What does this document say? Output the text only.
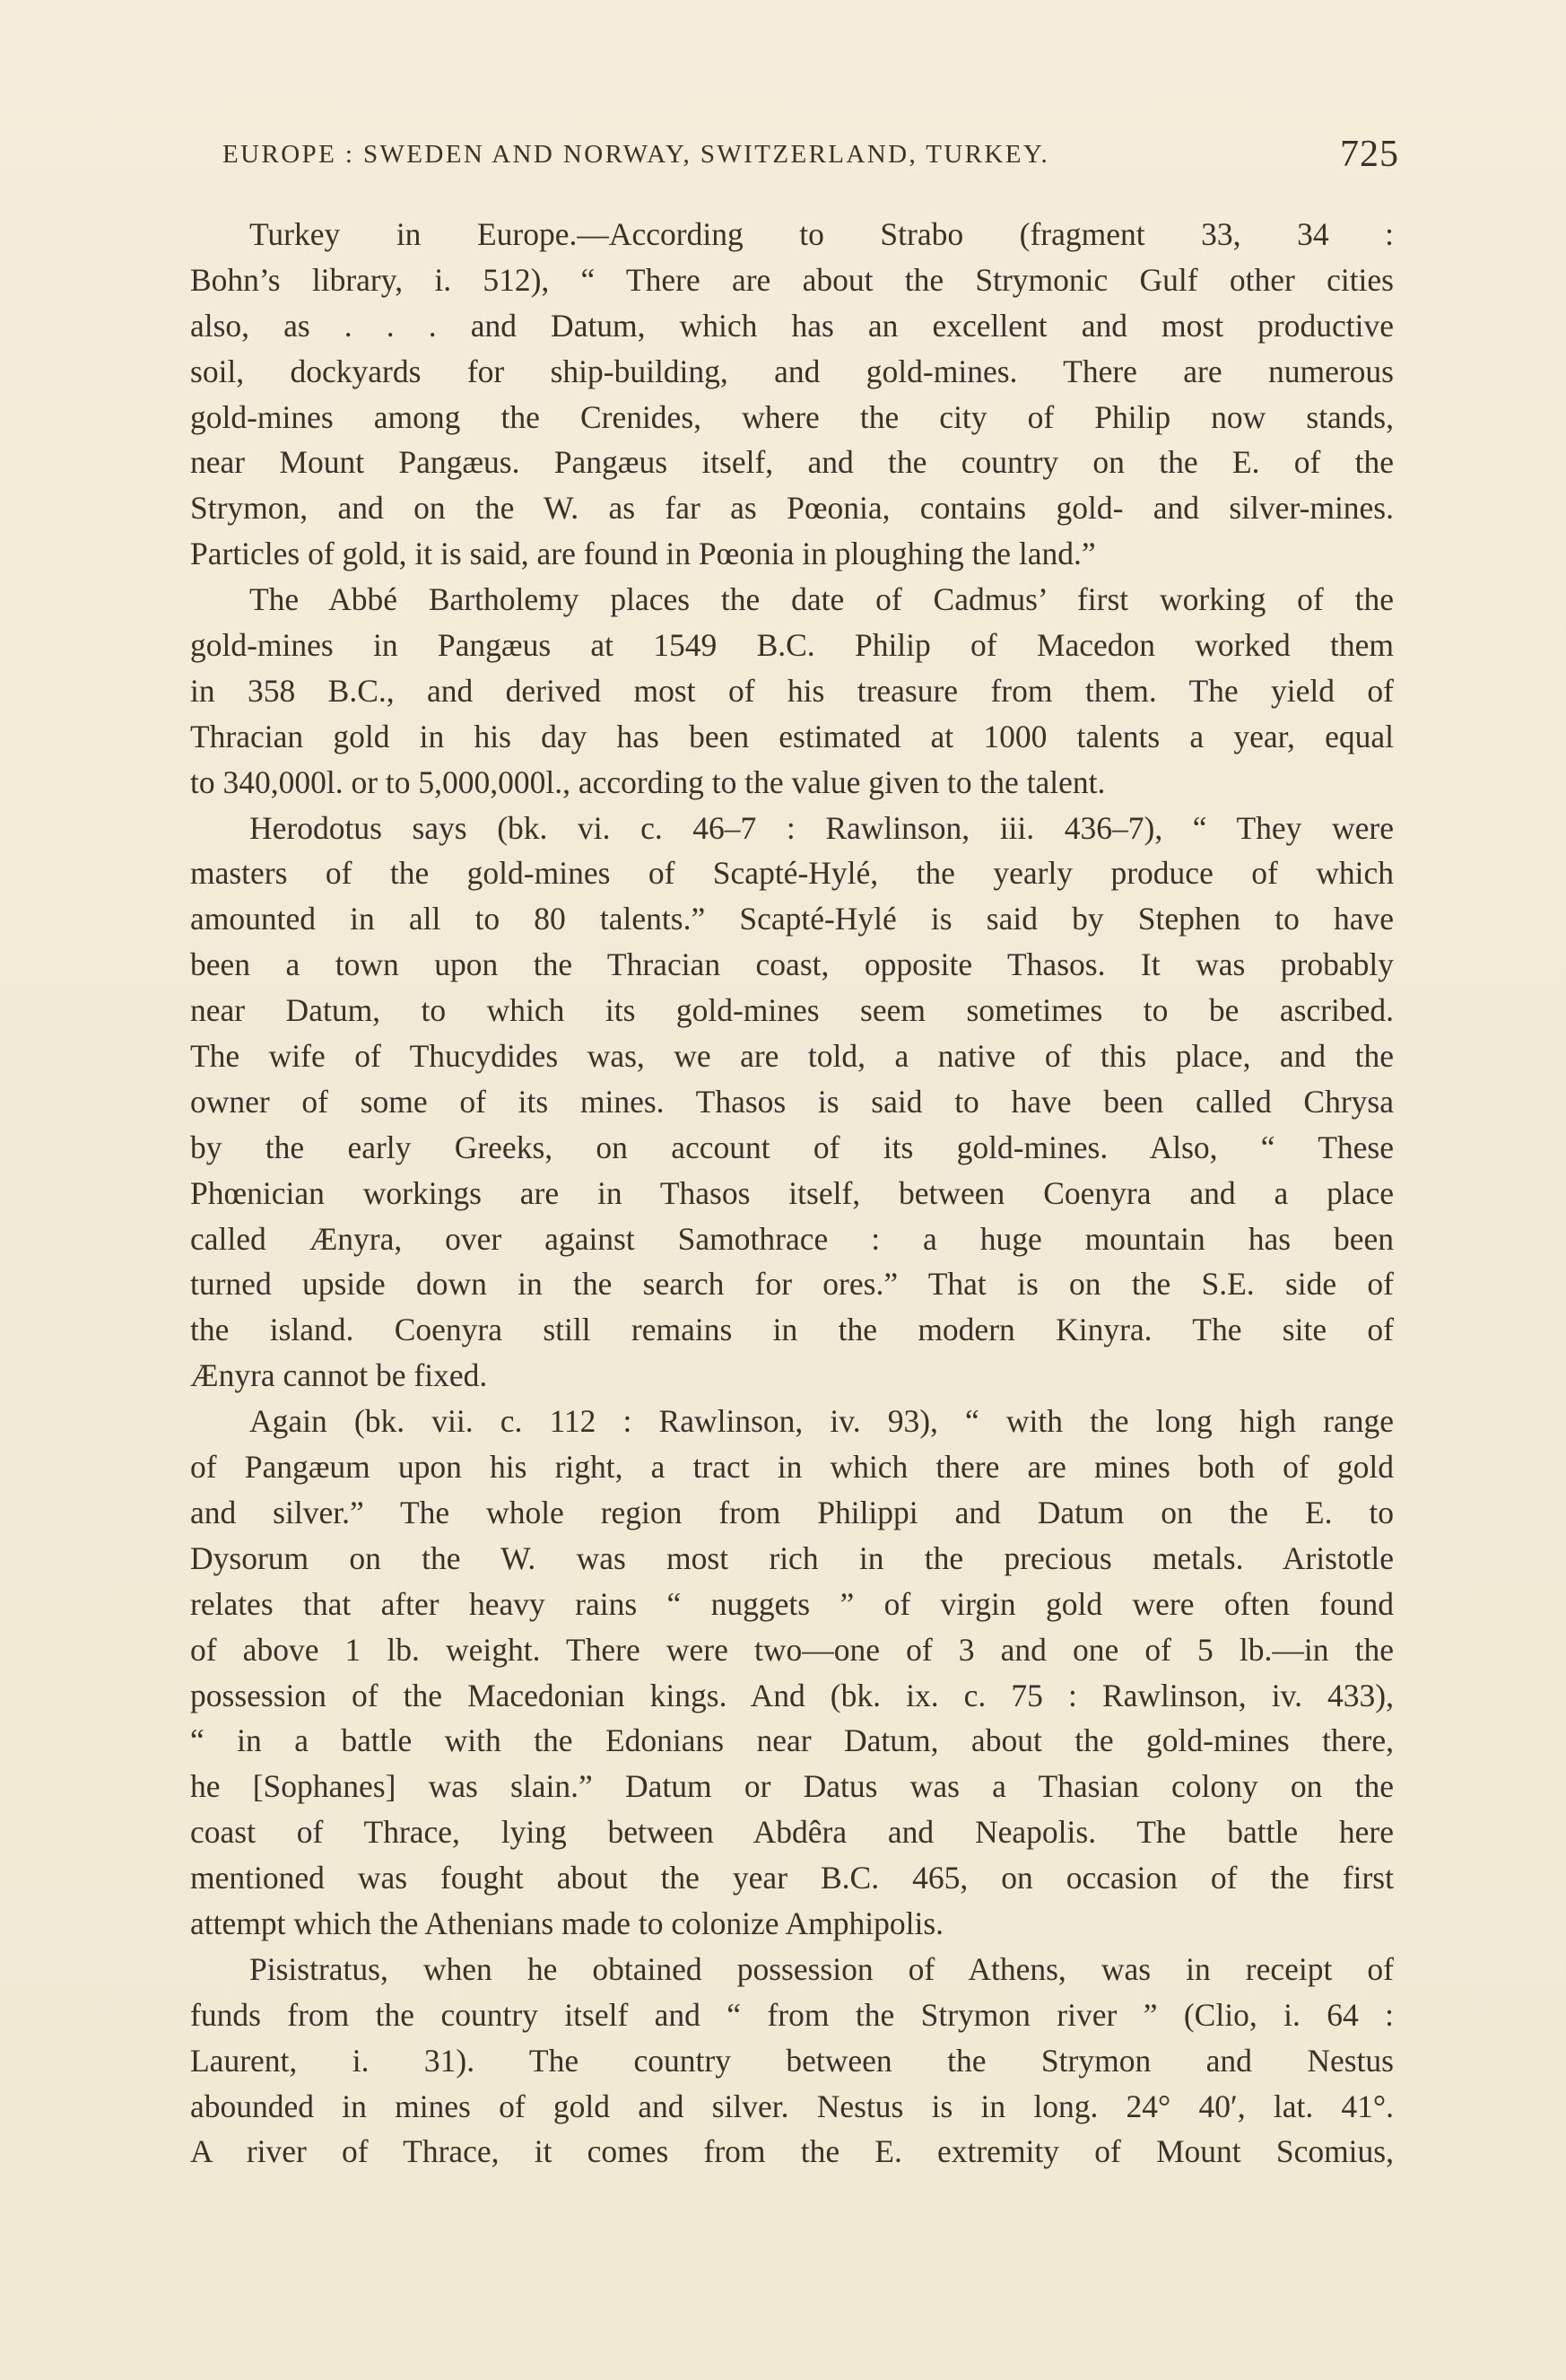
EUROPE : SWEDEN AND NORWAY, SWITZERLAND, TURKEY.	725
Turkey in Europe.—According to Strabo (fragment 33, 34 :
Bohn’s library, i. 512), “ There are about the Strymonic Gulf other cities
also, as . . . and Datum, which has an excellent and most productive
soil, dockyards for ship-building, and gold-mines. There are numerous
gold-mines among the Crenides, where the city of Philip now stands,
near Mount Pangæus. Pangæus itself, and the country on the E. of the
Strymon, and on the W. as far as Pœonia, contains gold- and silver-mines.
Particles of gold, it is said, are found in Pœonia in ploughing the land.”
The Abbé Bartholemy places the date of Cadmus’ first working of the
gold-mines in Pangæus at 1549 B.C. Philip of Macedon worked them
in 358 B.C., and derived most of his treasure from them. The yield of
Thracian gold in his day has been estimated at 1000 talents a year, equal
to 340,000l. or to 5,000,000l., according to the value given to the talent.
Herodotus says (bk. vi. c. 46–7 : Rawlinson, iii. 436–7), “ They were
masters of the gold-mines of Scapté-Hylé, the yearly produce of which
amounted in all to 80 talents.” Scapté-Hylé is said by Stephen to have
been a town upon the Thracian coast, opposite Thasos. It was probably
near Datum, to which its gold-mines seem sometimes to be ascribed.
The wife of Thucydides was, we are told, a native of this place, and the
owner of some of its mines. Thasos is said to have been called Chrysa
by the early Greeks, on account of its gold-mines. Also, “ These
Phœnician workings are in Thasos itself, between Coenyra and a place
called Ænyra, over against Samothrace : a huge mountain has been
turned upside down in the search for ores.” That is on the S.E. side of
the island. Coenyra still remains in the modern Kinyra. The site of
Ænyra cannot be fixed.
Again (bk. vii. c. 112 : Rawlinson, iv. 93), “ with the long high range
of Pangæum upon his right, a tract in which there are mines both of gold
and silver.” The whole region from Philippi and Datum on the E. to
Dysorum on the W. was most rich in the precious metals. Aristotle
relates that after heavy rains “ nuggets ” of virgin gold were often found
of above 1 lb. weight. There were two—one of 3 and one of 5 lb.—in the
possession of the Macedonian kings. And (bk. ix. c. 75 : Rawlinson, iv. 433),
“ in a battle with the Edonians near Datum, about the gold-mines there,
he [Sophanes] was slain.” Datum or Datus was a Thasian colony on the
coast of Thrace, lying between Abdêra and Neapolis. The battle here
mentioned was fought about the year B.C. 465, on occasion of the first
attempt which the Athenians made to colonize Amphipolis.
Pisistratus, when he obtained possession of Athens, was in receipt of
funds from the country itself and “ from the Strymon river ” (Clio, i. 64 :
Laurent, i. 31). The country between the Strymon and Nestus
abounded in mines of gold and silver. Nestus is in long. 24° 40′, lat. 41°.
A river of Thrace, it comes from the E. extremity of Mount Scomius,
